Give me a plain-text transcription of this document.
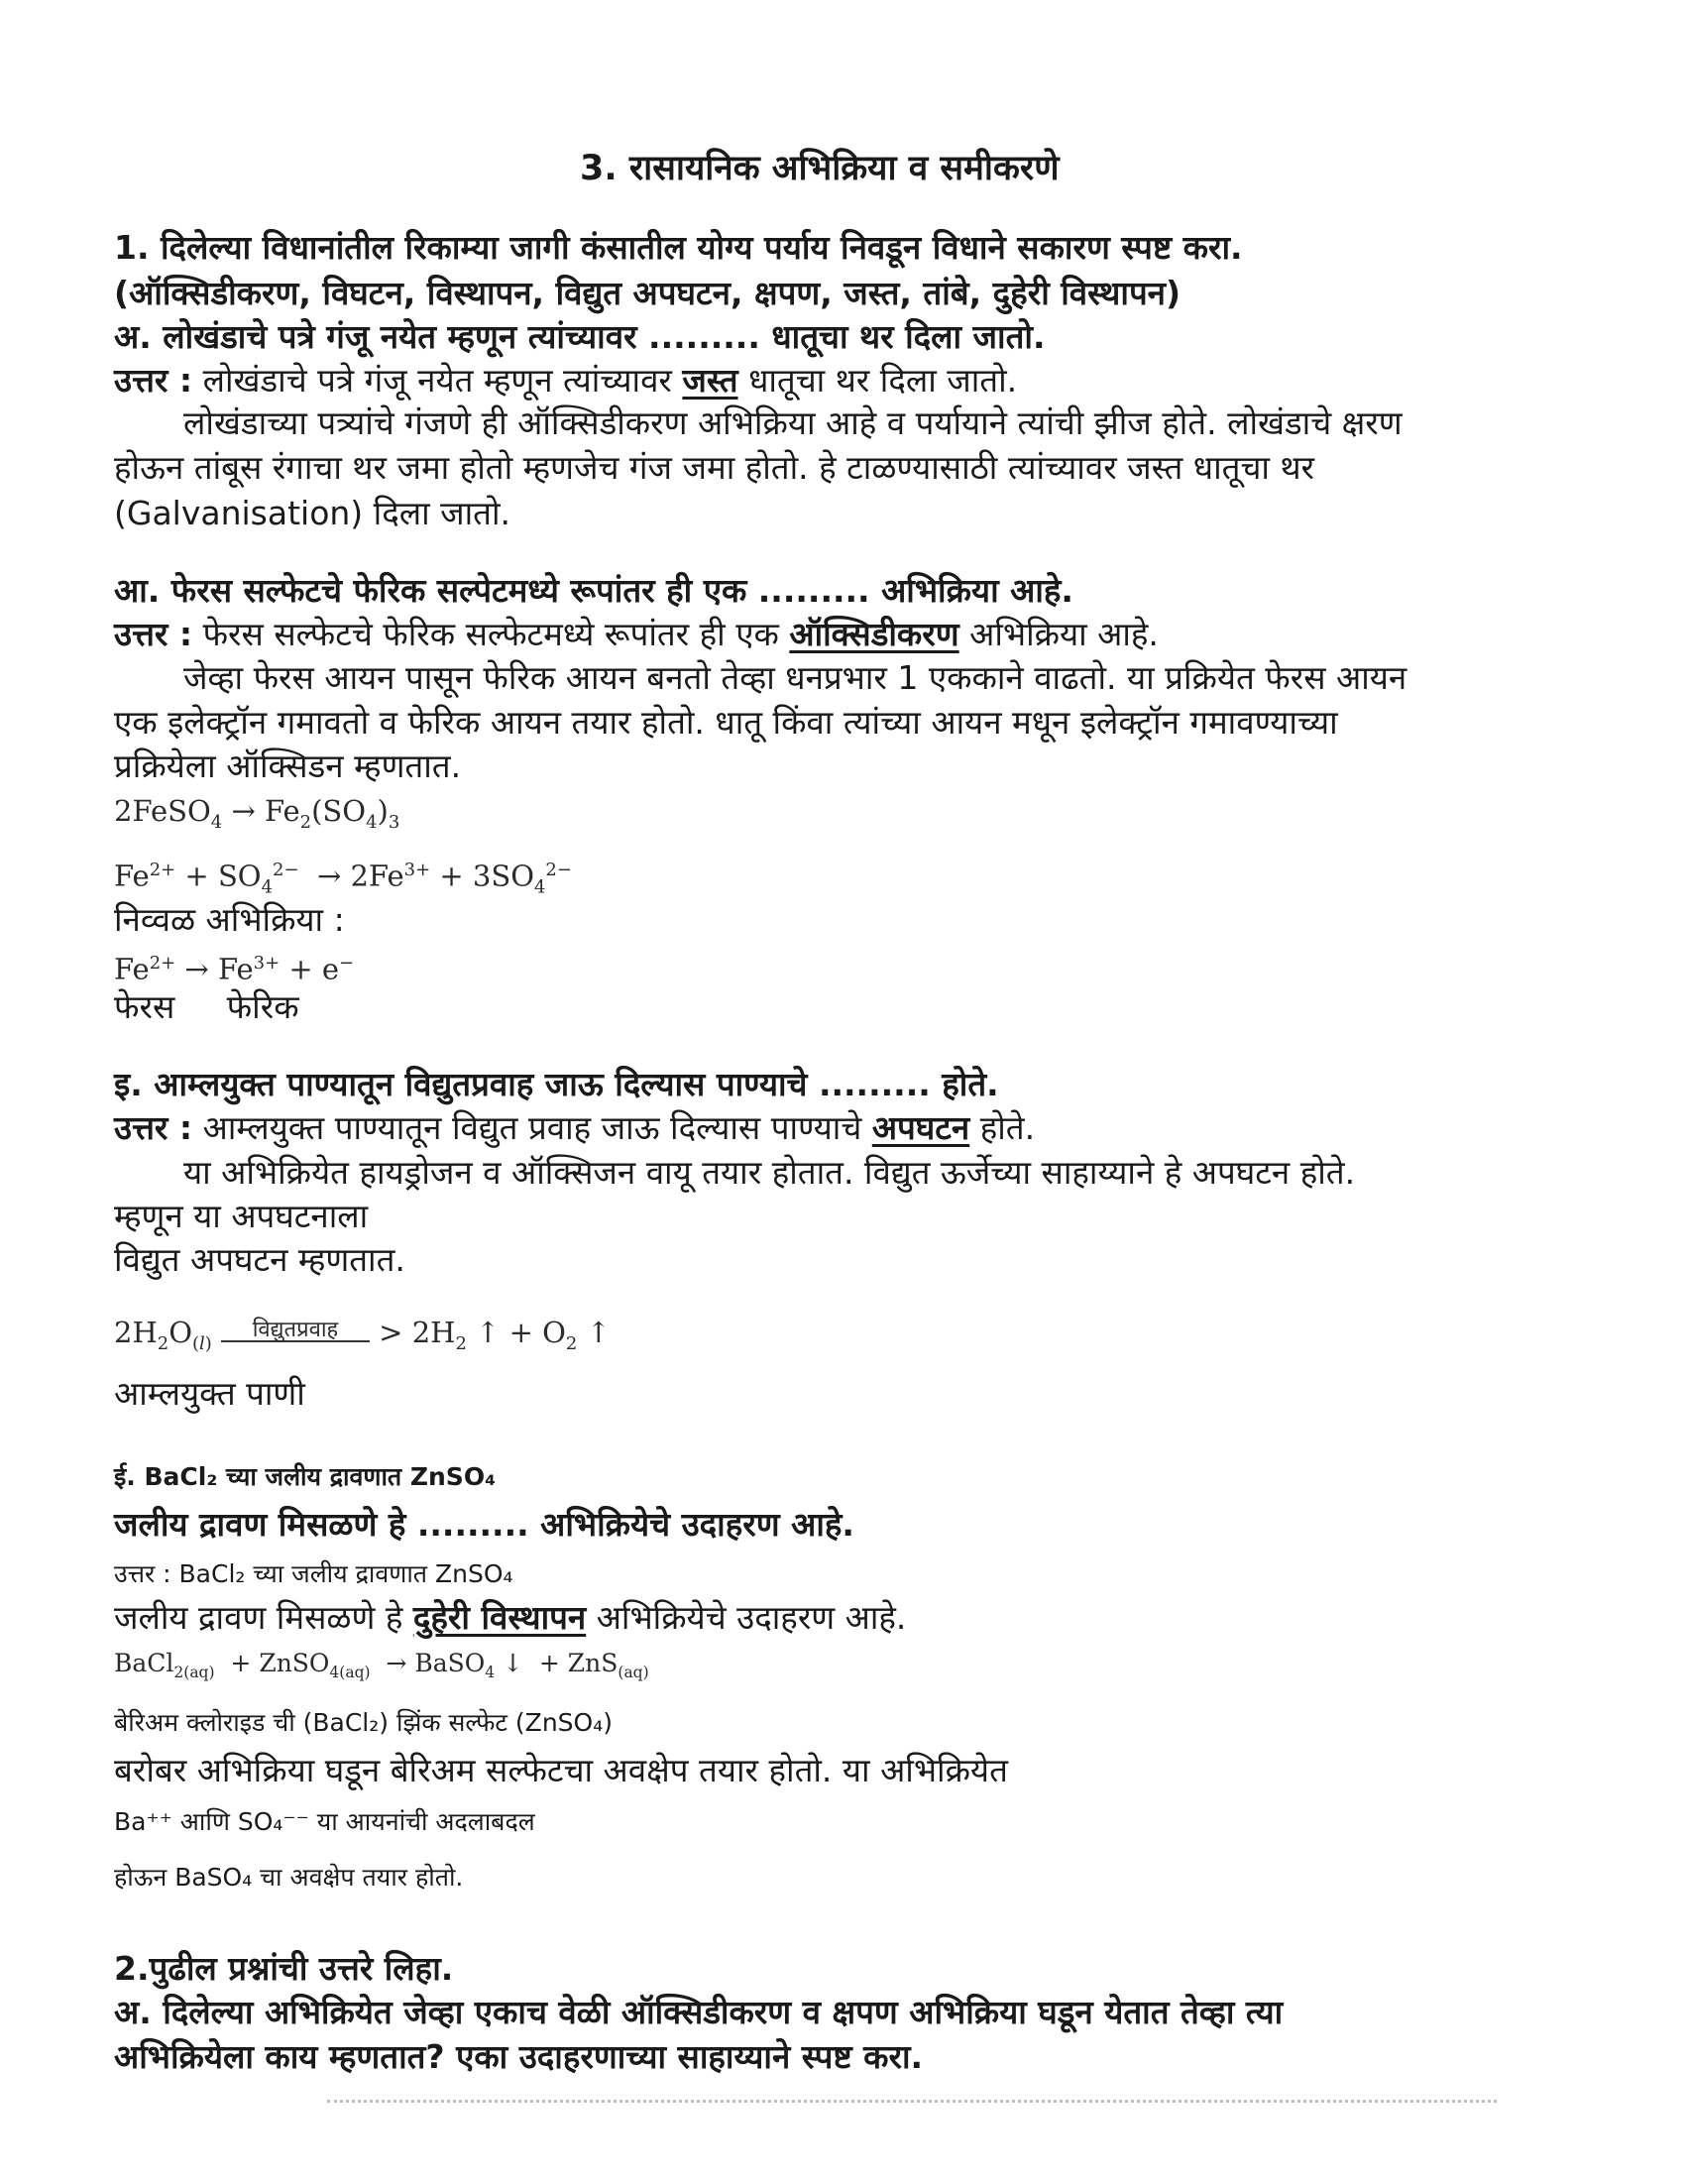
3. रासायनिक अभिक्रिया व समीकरणे
1. दिलेल्या विधानांतील रिकाम्या जागी कंसातील योग्य पर्याय निवडून विधाने सकारण स्पष्ट करा.
(ऑक्सिडीकरण, विघटन, विस्थापन, विद्युत अपघटन, क्षपण, जस्त, तांबे, दुहेरी विस्थापन)
अ. लोखंडाचे पत्रे गंजू नयेत म्हणून त्यांच्यावर ......... धातूचा थर दिला जातो.
उत्तर : लोखंडाचे पत्रे गंजू नयेत म्हणून त्यांच्यावर जस्त धातूचा थर दिला जातो.
लोखंडाच्या पत्र्यांचे गंजणे ही ऑक्सिडीकरण अभिक्रिया आहे व पर्यायाने त्यांची झीज होते. लोखंडाचे क्षरण
होऊन तांबूस रंगाचा थर जमा होतो म्हणजेच गंज जमा होतो. हे टाळण्यासाठी त्यांच्यावर जस्त धातूचा थर
(Galvanisation) दिला जातो.
आ. फेरस सल्फेटचे फेरिक सल्पेटमध्ये रूपांतर ही एक ......... अभिक्रिया आहे.
उत्तर : फेरस सल्फेटचे फेरिक सल्फेटमध्ये रूपांतर ही एक ऑक्सिडीकरण अभिक्रिया आहे.
जेव्हा फेरस आयन पासून फेरिक आयन बनतो तेव्हा धनप्रभार 1 एककाने वाढतो. या प्रक्रियेत फेरस आयन
एक इलेक्ट्रॉन गमावतो व फेरिक आयन तयार होतो. धातू किंवा त्यांच्या आयन मधून इलेक्ट्रॉन गमावण्याच्या
प्रक्रियेला ऑक्सिडन म्हणतात.
2FeSO$_4$ → $Fe_2(SO_4)_3$
$Fe^{2+} + SO_4^{2-} \to 2Fe^{3+} + 3SO_4^{2-}$
निव्वळ अभिक्रिया :
$Fe^{2+} \to Fe^{3+} + e^-$
फेरस फेरिक
इ. आम्लयुक्त पाण्यातून विद्युतप्रवाह जाऊ दिल्यास पाण्याचे ......... होते.
उत्तर : आम्लयुक्त पाण्यातून विद्युत प्रवाह जाऊ दिल्यास पाण्याचे अपघटन होते.
या अभिक्रियेत हायड्रोजन व ऑक्सिजन वायू तयार होतात. विद्युत ऊर्जेच्या साहाय्याने हे अपघटन होते.
म्हणून या अपघटनाला
विद्युत अपघटन म्हणतात.
$2H_2O_{(l)}$
विद्युतप्रवाह	> $2H_2$ ↑ + $O_2$ ↑
आम्लयुक्त पाणी
ई. BaCl₂ च्या जलीय द्रावणात ZnSO₄
जलीय द्रावण मिसळणे हे ......... अभिक्रियेचे उदाहरण आहे.
उत्तर : BaCl₂ च्या जलीय द्रावणात ZnSO₄
जलीय द्रावण मिसळणे हे दुहेरी विस्थापन अभिक्रियेचे उदाहरण आहे.
BaCl$_{2(aq)}$  + ZnSO$_{4(aq)}$  → BaSO$_4$ ↓  + ZnS$_{(aq)}$
बेरिअम क्लोराइड ची (BaCl₂) झिंक सल्फेट (ZnSO₄)
बरोबर अभिक्रिया घडून बेरिअम सल्फेटचा अवक्षेप तयार होतो. या अभिक्रियेत
Ba⁺⁺ आणि SO₄⁻⁻ या आयनांची अदलाबदल
होऊन BaSO₄ चा अवक्षेप तयार होतो.
2.पुढील प्रश्नांची उत्तरे लिहा.
अ. दिलेल्या अभिक्रियेत जेव्हा एकाच वेळी ऑक्सिडीकरण व क्षपण अभिक्रिया घडून येतात तेव्हा त्या
अभिक्रियेला काय म्हणतात? एका उदाहरणाच्या साहाय्याने स्पष्ट करा.
